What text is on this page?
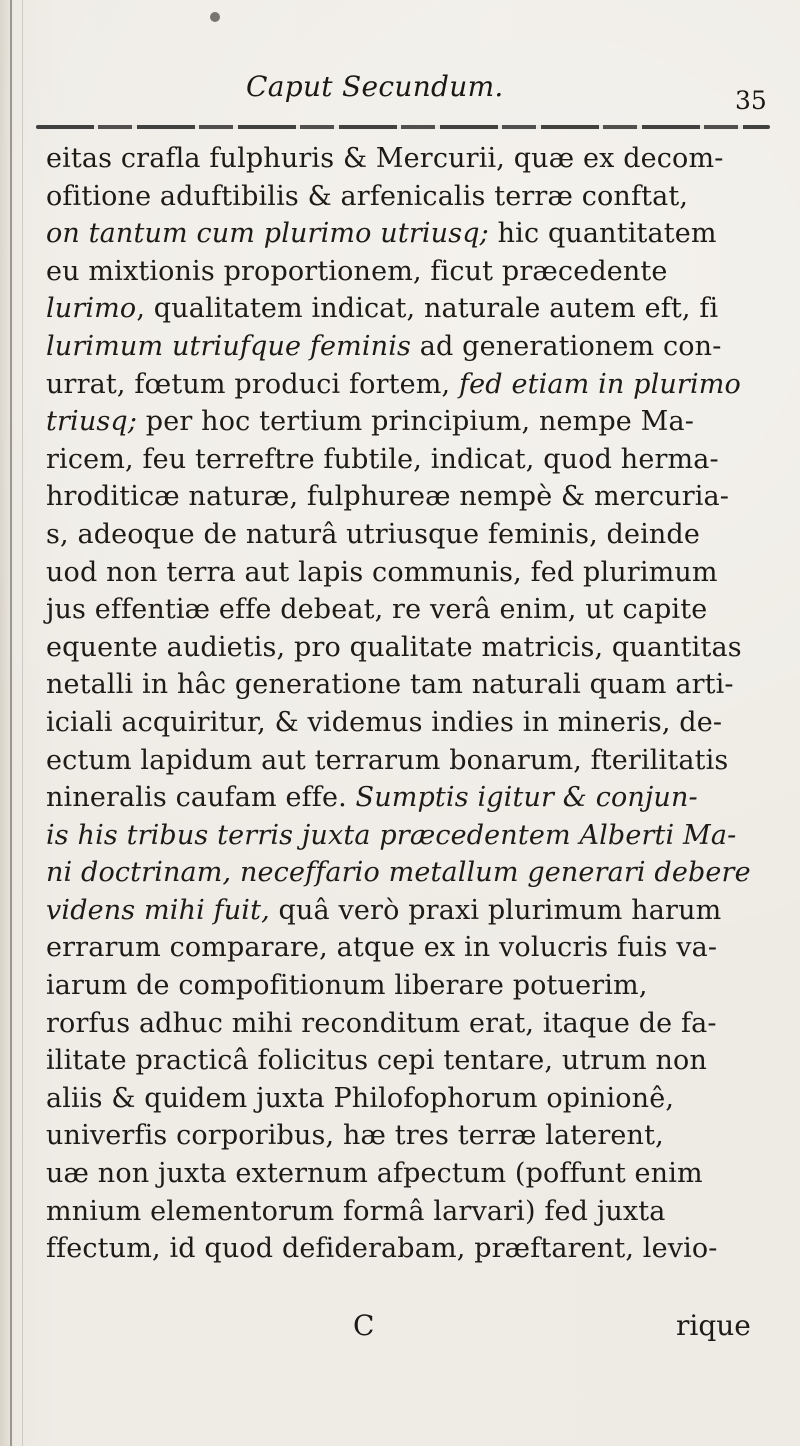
Caput Secundum.	35
eitas crafla fulphuris & Mercurii, quæ ex decom-
ofitione aduftibilis & arfenicalis terræ conftat,
on tantum cum plurimo utriusq; hic quantitatem
eu mixtionis proportionem, ficut præcedente
lurimo, qualitatem indicat, naturale autem eft, fi
lurimum utriufque feminis ad generationem con-
urrat, fœtum produci fortem, fed etiam in plurimo
triusq; per hoc tertium principium, nempe Ma-
ricem, feu terreftre fubtile, indicat, quod herma-
hroditicæ naturæ, fulphureæ nempè & mercuria-
s, adeoque de naturâ utriusque feminis, deinde
uod non terra aut lapis communis, fed plurimum
jus effentiæ effe debeat, re verâ enim, ut capite
equente audietis, pro qualitate matricis, quantitas
netalli in hâc generatione tam naturali quam arti-
iciali acquiritur, & videmus indies in mineris, de-
ectum lapidum aut terrarum bonarum, fterilitatis
nineralis caufam effe. Sumptis igitur & conjun-
is his tribus terris juxta præcedentem Alberti Ma-
ni doctrinam, neceffario metallum generari debere
videns mihi fuit, quâ verò praxi plurimum harum
errarum comparare, atque ex in volucris fuis va-
iarum de compofitionum liberare potuerim,
rorfus adhuc mihi reconditum erat, itaque de fa-
ilitate practicâ folicitus cepi tentare, utrum non
aliis & quidem juxta Philofophorum opinionê,
univerfis corporibus, hæ tres terræ laterent,
uæ non juxta externum afpectum (poffunt enim
mnium elementorum formâ larvari) fed juxta
ffectum, id quod defiderabam, præftarent, levio-
C	rique
